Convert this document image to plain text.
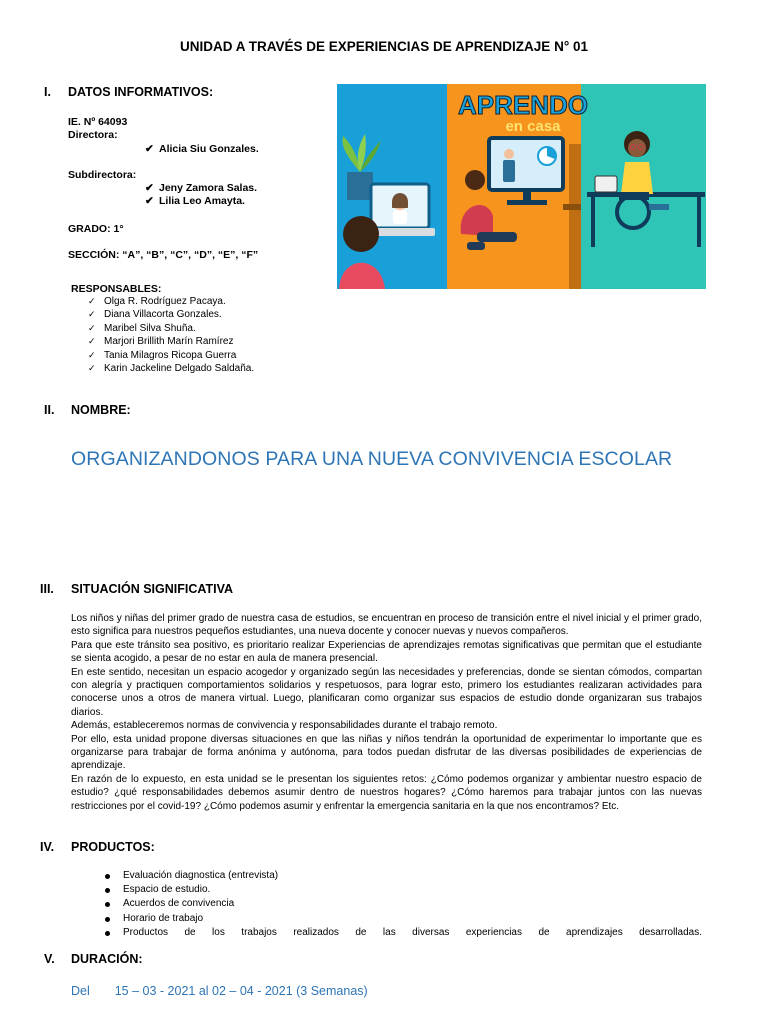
UNIDAD A TRAVÉS DE EXPERIENCIAS DE APRENDIZAJE N° 01
I. DATOS INFORMATIVOS:
IE. Nº 64093
Directora:
✔ Alicia Siu Gonzales.
Subdirectora:
✔ Jeny Zamora Salas.
✔ Lilia Leo Amayta.
GRADO: 1°
SECCIÓN: “A”, “B”, “C”, “D”, “E”, “F”
RESPONSABLES:
✓ Olga R. Rodríguez Pacaya.
✓ Diana Villacorta Gonzales.
✓ Maribel Silva Shuña.
✓ Marjori Brillith Marín Ramírez
✓ Tania Milagros Ricopa Guerra
✓ Karin Jackeline Delgado Saldaña.
APRENDO
en casa
II. NOMBRE:
ORGANIZANDONOS PARA UNA NUEVA CONVIVENCIA ESCOLAR
III. SITUACIÓN SIGNIFICATIVA

Los niños y niñas del primer grado de nuestra casa de estudios, se encuentran en proceso de transición entre el nivel inicial y el primer grado, esto significa para nuestros pequeños estudiantes, una nueva docente y conocer nuevas y nuevos compañeros.

Para que este tránsito sea positivo, es prioritario realizar Experiencias de aprendizajes remotas significativas que permitan que el estudiante se sienta acogido, a pesar de no estar en aula de manera presencial.

En este sentido, necesitan un espacio acogedor y organizado según las necesidades y preferencias, donde se sientan cómodos, compartan con alegría y practiquen comportamientos solidarios y respetuosos, para lograr esto, primero los estudiantes realizaran actividades para conocerse unos a otros de manera virtual. Luego, planificaran como organizar sus espacios de estudio donde organizaran sus trabajos diarios.

Además, estableceremos normas de convivencia y responsabilidades durante el trabajo remoto.

Por ello, esta unidad propone diversas situaciones en que las niñas y niños tendrán la oportunidad de experimentar lo importante que es organizarse para trabajar de forma anónima y autónoma, para todos puedan disfrutar de las diversas posibilidades de experiencias de aprendizaje.

En razón de lo expuesto, en esta unidad se le presentan los siguientes retos: ¿Cómo podemos organizar y ambientar nuestro espacio de estudio? ¿qué responsabilidades debemos asumir dentro de nuestros hogares? ¿Cómo haremos para trabajar juntos con las nuevas restricciones por el covid-19? ¿Cómo podemos asumir y enfrentar la emergencia sanitaria en la que nos encontramos? Etc.

IV. PRODUCTOS:
Evaluación diagnostica (entrevista)
Espacio de estudio.
Acuerdos de convivencia
Horario de trabajo
Productos de los trabajos realizados de las diversas experiencias de aprendizajes desarrolladas.
V. DURACIÓN:
Del 15 – 03 - 2021 al 02 – 04 - 2021 (3 Semanas)
